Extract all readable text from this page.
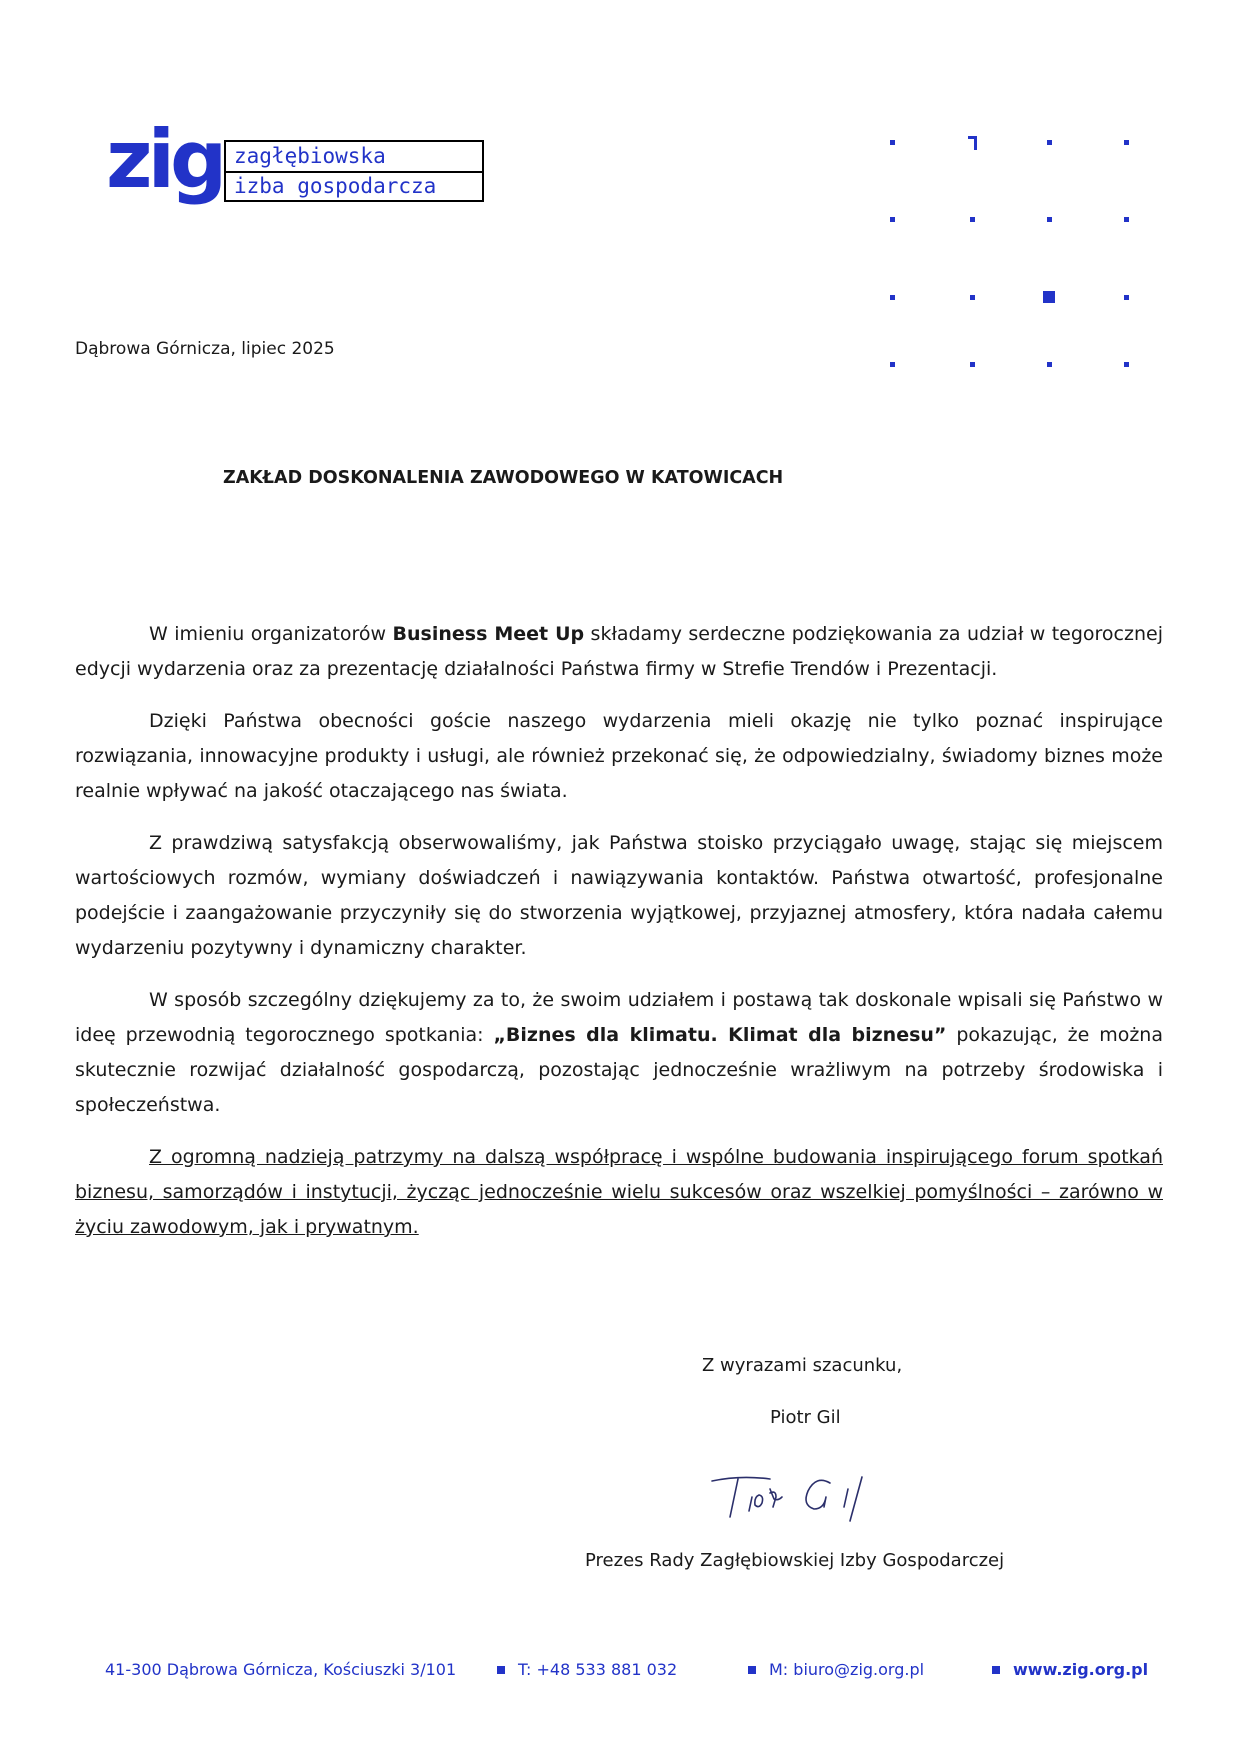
zig zagłębiowska
izba gospodarcza
Dąbrowa Górnicza, lipiec 2025
ZAKŁAD DOSKONALENIA ZAWODOWEGO W KATOWICACH

W imieniu organizatorów Business Meet Up składamy serdeczne podziękowania za udział w tegorocznej edycji wydarzenia oraz za prezentację działalności Państwa firmy w Strefie Trendów i Prezentacji.

Dzięki Państwa obecności goście naszego wydarzenia mieli okazję nie tylko poznać inspirujące rozwiązania, innowacyjne produkty i usługi, ale również przekonać się, że odpowiedzialny, świadomy biznes może realnie wpływać na jakość otaczającego nas świata.

Z prawdziwą satysfakcją obserwowaliśmy, jak Państwa stoisko przyciągało uwagę, stając się miejscem wartościowych rozmów, wymiany doświadczeń i nawiązywania kontaktów. Państwa otwartość, profesjonalne podejście i zaangażowanie przyczyniły się do stworzenia wyjątkowej, przyjaznej atmosfery, która nadała całemu wydarzeniu pozytywny i dynamiczny charakter.

W sposób szczególny dziękujemy za to, że swoim udziałem i postawą tak doskonale wpisali się Państwo w ideę przewodnią tegorocznego spotkania: „Biznes dla klimatu. Klimat dla biznesu” pokazując, że można skutecznie rozwijać działalność gospodarczą, pozostając jednocześnie wrażliwym na potrzeby środowiska i społeczeństwa.

Z ogromną nadzieją patrzymy na dalszą współpracę i wspólne budowania inspirującego forum spotkań biznesu, samorządów i instytucji, życząc jednocześnie wielu sukcesów oraz wszelkiej pomyślności – zarówno w życiu zawodowym, jak i prywatnym.

Z wyrazami szacunku,
Piotr Gil
Prezes Rady Zagłębiowskiej Izby Gospodarczej
41-300 Dąbrowa Górnicza, Kościuszki 3/101	T: +48 533 881 032	M: biuro@zig.org.pl	www.zig.org.pl
